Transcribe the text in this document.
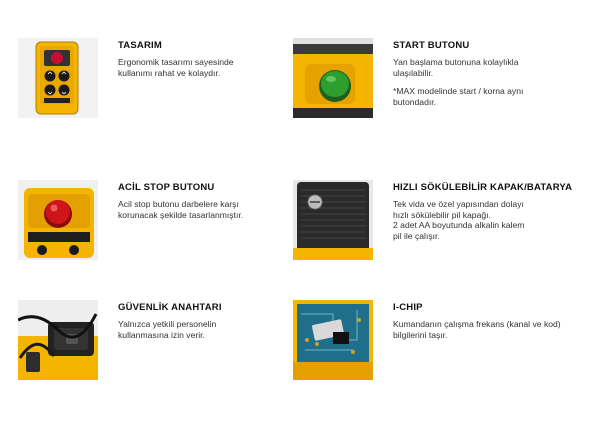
TASARIM

Ergonomik tasarımı sayesinde
kullanımı rahat ve kolaydır.

START BUTONU

Yan başlama butonuna kolaylıkla
ulaşılabilir.

*MAX modelinde start / korna aynı
butondadır.

ACİL STOP BUTONU

Acil stop butonu darbelere karşı
korunacak şekilde tasarlanmıştır.

HIZLI SÖKÜLEBİLİR KAPAK/BATARYA

Tek vida ve özel yapısından dolayı
hızlı sökülebilir pil kapağı.
2 adet AA boyutunda alkalin kalem
pil ile çalışır.

GÜVENLİK ANAHTARI

Yalnızca yetkili personelin
kullanmasına izin verir.

I-CHIP

Kumandanın çalışma frekans (kanal ve kod)
bilgilerini taşır.
